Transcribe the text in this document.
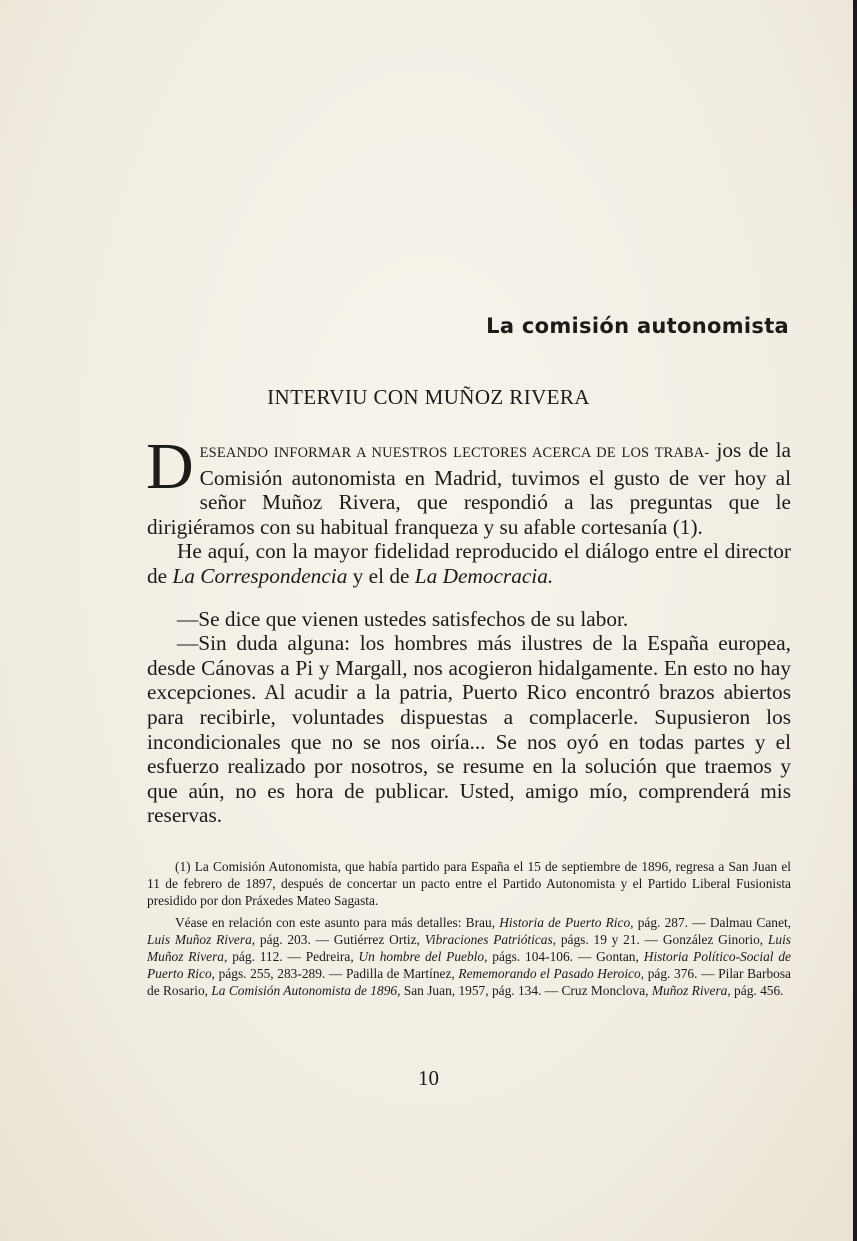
La comisión autonomista
INTERVIU CON MUÑOZ RIVERA

DESEANDO INFORMAR A NUESTROS LECTORES ACERCA DE LOS TRABA- jos de la Comisión autonomista en Madrid, tuvimos el gusto de ver hoy al señor Muñoz Rivera, que respondió a las preguntas que le dirigiéramos con su habitual franqueza y su afable cortesanía (1).

He aquí, con la mayor fidelidad reproducido el diálogo entre el director de La Correspondencia y el de La Democracia.

—Se dice que vienen ustedes satisfechos de su labor.

—Sin duda alguna: los hombres más ilustres de la España europea, desde Cánovas a Pi y Margall, nos acogieron hidalgamente. En esto no hay excepciones. Al acudir a la patria, Puerto Rico encontró brazos abiertos para recibirle, voluntades dispuestas a complacerle. Supusieron los incondicionales que no se nos oiría... Se nos oyó en todas partes y el esfuerzo realizado por nosotros, se resume en la solución que traemos y que aún, no es hora de publicar. Usted, amigo mío, comprenderá mis reservas.

(1) La Comisión Autonomista, que había partido para España el 15 de septiembre de 1896, regresa a San Juan el 11 de febrero de 1897, después de concertar un pacto entre el Partido Autonomista y el Partido Liberal Fusionista presidido por don Práxedes Mateo Sagasta.

Véase en relación con este asunto para más detalles: Brau, Historia de Puerto Rico, pág. 287. — Dalmau Canet, Luis Muñoz Rivera, pág. 203. — Gutiérrez Ortiz, Vibraciones Patrióticas, págs. 19 y 21. — González Ginorio, Luis Muñoz Rivera, pág. 112. — Pedreira, Un hombre del Pueblo, págs. 104-106. — Gontan, Historia Político-Social de Puerto Rico, págs. 255, 283-289. — Padilla de Martínez, Rememorando el Pasado Heroico, pág. 376. — Pilar Barbosa de Rosario, La Comisión Autonomista de 1896, San Juan, 1957, pág. 134. — Cruz Monclova, Muñoz Rivera, pág. 456.

10
